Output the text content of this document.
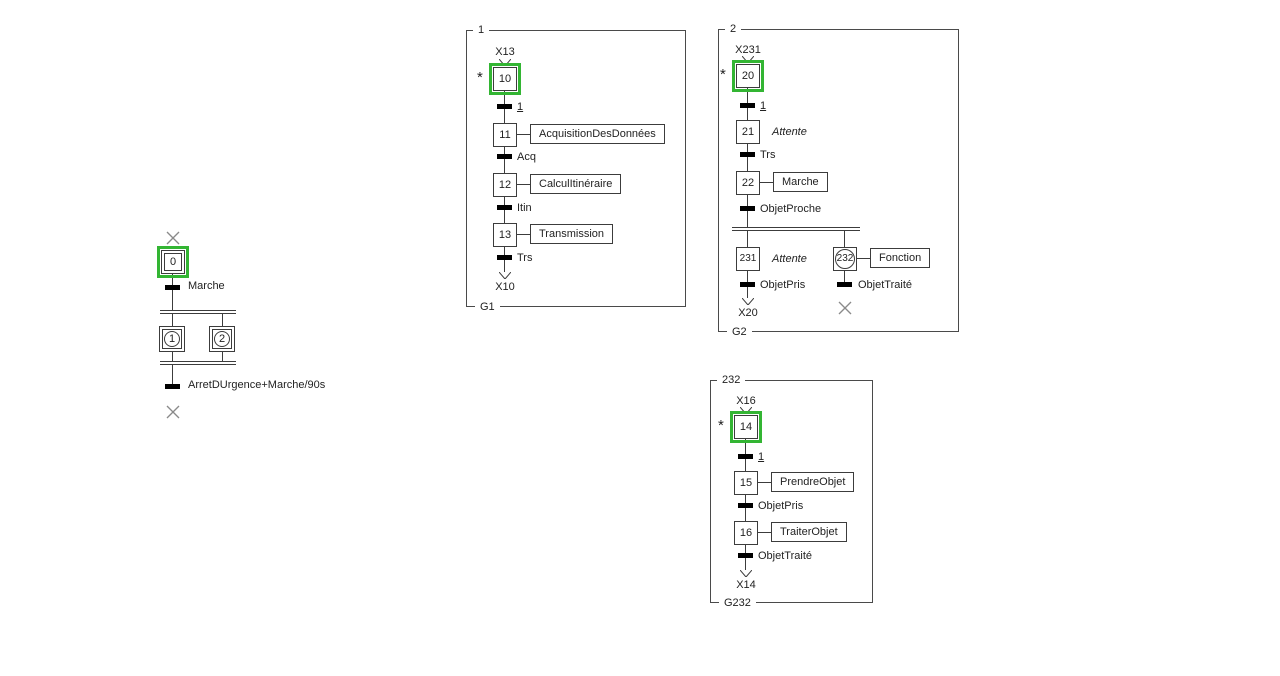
0
Marche
1	2
ArretDUrgence+Marche/90s
1
G1
X13
*	10
1
11	AcquisitionDesDonnées
Acq
12	CalculItinéraire
Itin
13	Transmission
Trs
X10
2
G2
X231
*	20
1
21	Attente
Trs
22	Marche
ObjetProche
231	Attente	232	Fonction
ObjetPris	ObjetTraité
X20
232
G232
X16
*	14
1
15	PrendreObjet
ObjetPris
16	TraiterObjet
ObjetTraité
X14
